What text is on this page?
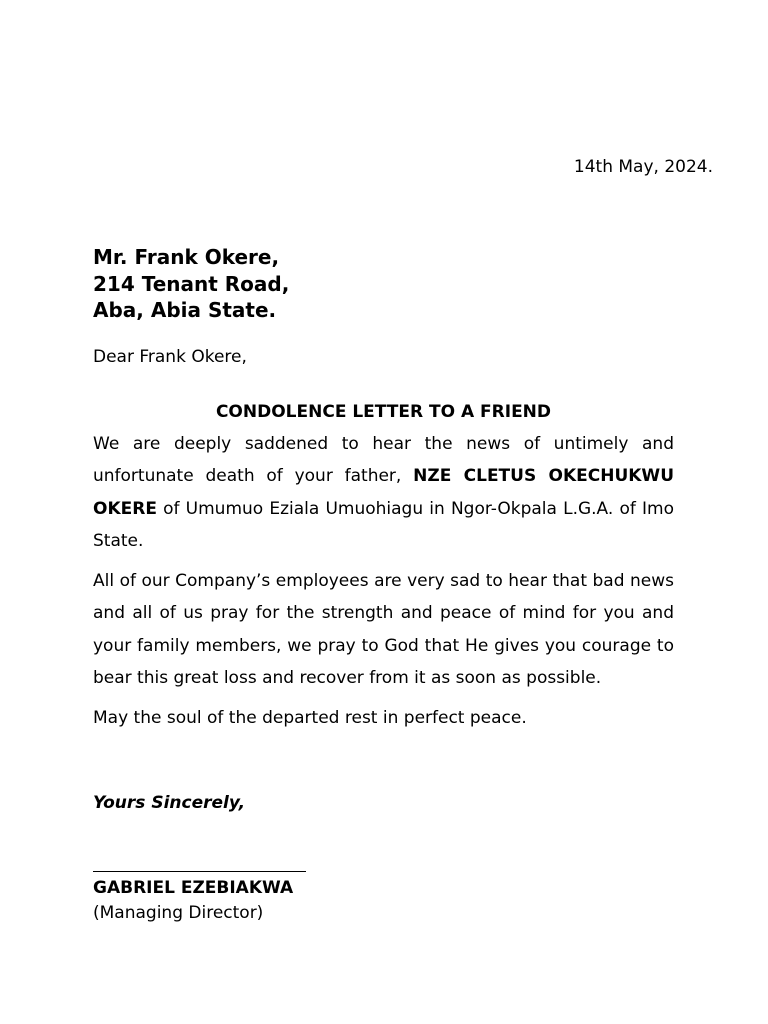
14th May, 2024.
Mr. Frank Okere,
214 Tenant Road,
Aba, Abia State.
Dear Frank Okere,
CONDOLENCE LETTER TO A FRIEND

We are deeply saddened to hear the news of untimely and unfortunate death of your father, NZE CLETUS OKECHUKWU OKERE of Umumuo Eziala Umuohiagu in Ngor-Okpala L.G.A. of Imo State.

All of our Company’s employees are very sad to hear that bad news and all of us pray for the strength and peace of mind for you and your family members, we pray to God that He gives you courage to bear this great loss and recover from it as soon as possible.

May the soul of the departed rest in perfect peace.

Yours Sincerely,
GABRIEL EZEBIAKWA
(Managing Director)
